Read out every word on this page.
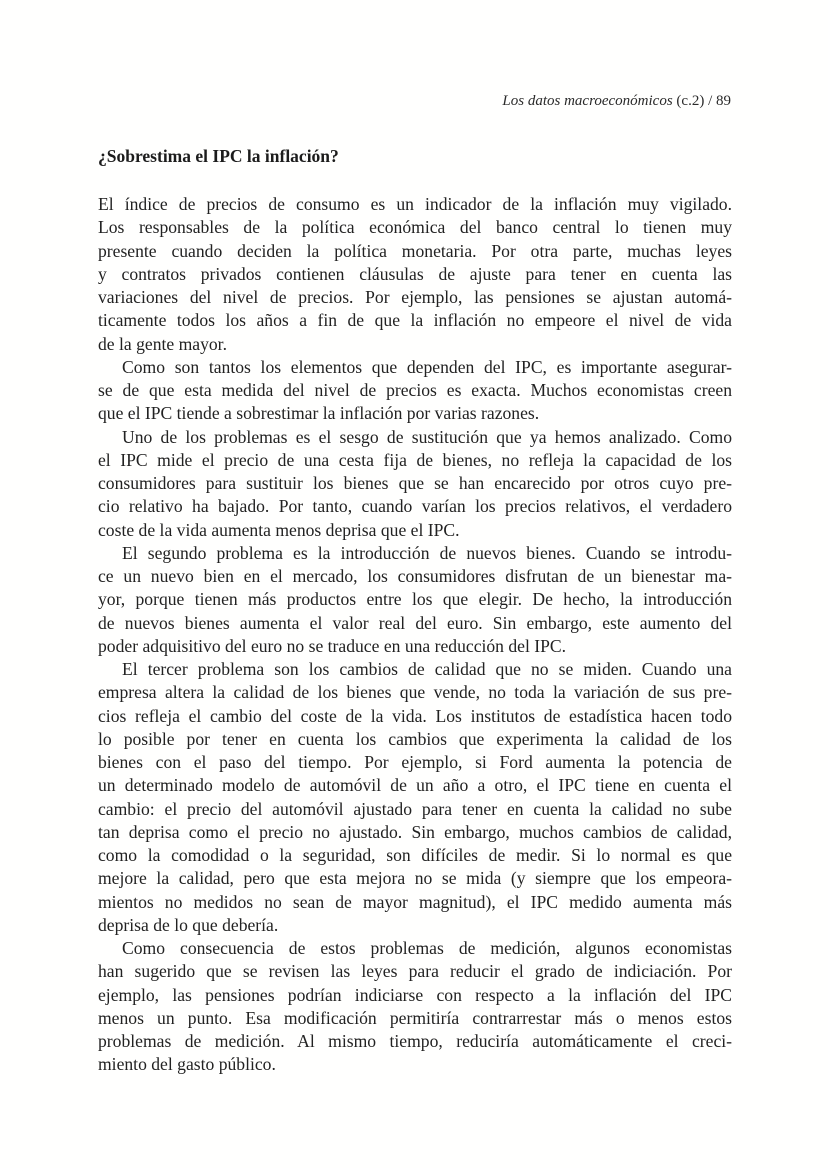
Los datos macroeconómicos (c.2) / 89
¿Sobrestima el IPC la inflación?
El índice de precios de consumo es un indicador de la inflación muy vigilado.
Los responsables de la política económica del banco central lo tienen muy
presente cuando deciden la política monetaria. Por otra parte, muchas leyes
y contratos privados contienen cláusulas de ajuste para tener en cuenta las
variaciones del nivel de precios. Por ejemplo, las pensiones se ajustan automá-
ticamente todos los años a fin de que la inflación no empeore el nivel de vida
de la gente mayor.
Como son tantos los elementos que dependen del IPC, es importante asegurar-
se de que esta medida del nivel de precios es exacta. Muchos economistas creen
que el IPC tiende a sobrestimar la inflación por varias razones.
Uno de los problemas es el sesgo de sustitución que ya hemos analizado. Como
el IPC mide el precio de una cesta fija de bienes, no refleja la capacidad de los
consumidores para sustituir los bienes que se han encarecido por otros cuyo pre-
cio relativo ha bajado. Por tanto, cuando varían los precios relativos, el verdadero
coste de la vida aumenta menos deprisa que el IPC.
El segundo problema es la introducción de nuevos bienes. Cuando se introdu-
ce un nuevo bien en el mercado, los consumidores disfrutan de un bienestar ma-
yor, porque tienen más productos entre los que elegir. De hecho, la introducción
de nuevos bienes aumenta el valor real del euro. Sin embargo, este aumento del
poder adquisitivo del euro no se traduce en una reducción del IPC.
El tercer problema son los cambios de calidad que no se miden. Cuando una
empresa altera la calidad de los bienes que vende, no toda la variación de sus pre-
cios refleja el cambio del coste de la vida. Los institutos de estadística hacen todo
lo posible por tener en cuenta los cambios que experimenta la calidad de los
bienes con el paso del tiempo. Por ejemplo, si Ford aumenta la potencia de
un determinado modelo de automóvil de un año a otro, el IPC tiene en cuenta el
cambio: el precio del automóvil ajustado para tener en cuenta la calidad no sube
tan deprisa como el precio no ajustado. Sin embargo, muchos cambios de calidad,
como la comodidad o la seguridad, son difíciles de medir. Si lo normal es que
mejore la calidad, pero que esta mejora no se mida (y siempre que los empeora-
mientos no medidos no sean de mayor magnitud), el IPC medido aumenta más
deprisa de lo que debería.
Como consecuencia de estos problemas de medición, algunos economistas
han sugerido que se revisen las leyes para reducir el grado de indiciación. Por
ejemplo, las pensiones podrían indiciarse con respecto a la inflación del IPC
menos un punto. Esa modificación permitiría contrarrestar más o menos estos
problemas de medición. Al mismo tiempo, reduciría automáticamente el creci-
miento del gasto público.
